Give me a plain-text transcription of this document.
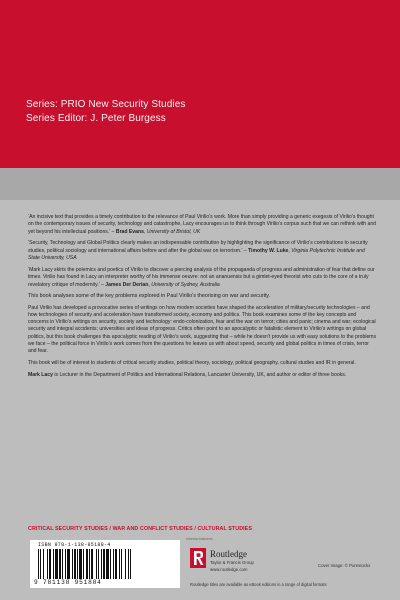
Series: PRIO New Security Studies
Series Editor: J. Peter Burgess

‘An incisive text that provides a timely contribution to the relevance of Paul Virilio’s work. More than simply providing a generic exegesis of Virilio’s thought on the contemporary issues of security, technology and catastrophe, Lacy encourages us to think through Virilio’s corpus such that we can rethink with and yet beyond his intellectual positions.’ – Brad Evans, University of Bristol, UK

‘Security, Technology and Global Politics clearly makes an indispensable contribution by highlighting the significance of Virilio’s contributions to security studies, political sociology and international affairs before and after the global war on terrorism.’ – Timothy W. Luke, Virginia Polytechnic Institute and State University, USA

‘Mark Lacy skirts the polemics and poetics of Virilio to discover a piercing analysis of the propaganda of progress and administration of fear that define our times. Virilio has found in Lacy an interpreter worthy of his immense oeuvre: not an ananuensis but a gimlet-eyed theorist who cuts to the core of a truly revelatory critique of modernity.’ – James Der Derian, University of Sydney, Australia

This book analyses some of the key problems explored in Paul Virilio’s theorising on war and security.

Paul Virilio has developed a provocative series of writings on how modern societies have shaped the acceleration of military/security technologies – and how technologies of security and acceleration have transformed society, economy and politics. This book examines some of the key concepts and concerns in Virilio’s writings on security, society and technology: endo-colonization, fear and the war on terror; cities and panic; cinema and war; ecological security and integral accidents; universities and ideas of progress. Critics often point to an apocalyptic or fatalistic element to Virilio’s writings on global politics, but this book challenges this apocalyptic reading of Virilio’s work, suggesting that – while he doesn’t provide us with easy solutions to the problems we face – the political force in Virilio’s work comes from the questions he leaves us with about speed, security and global politics in times of crisis, terror and fear.

This book will be of interest to students of critical security studies, political theory, sociology, political geography, cultural studies and IR in general.

Mark Lacy is Lecturer in the Department of Politics and International Relations, Lancaster University, UK, and author or editor of three books.

CRITICAL SECURITY STUDIES / WAR AND CONFLICT STUDIES / CULTURAL STUDIES
informa business
ISBN 978-1-138-95188-4
9 781138 951884
Routledge
Taylor & Francis Group
www.routledge.com
Cover image: © Purestockx
Routledge titles are available as eBook editions in a range of digital formats
